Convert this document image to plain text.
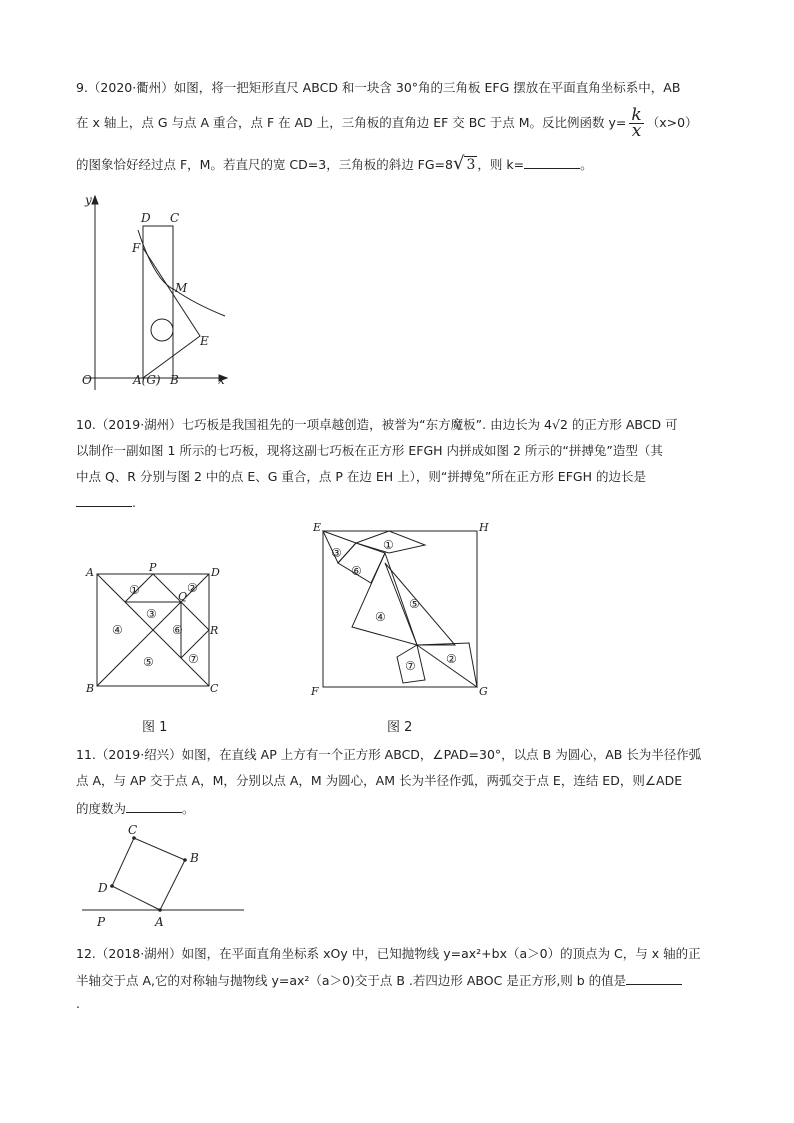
9.（2020·衢州）如图，将一把矩形直尺 ABCD 和一块含 30°角的三角板 EFG 摆放在平面直角坐标系中，AB
在 x 轴上，点 G 与点 A 重合，点 F 在 AD 上，三角板的直角边 EF 交 BC 于点 M。反比例函数 $y= \frac{k}{x} (x>0)$
的图象恰好经过点 F，M。若直尺的宽 CD=3，三角板的斜边 FG=8√ 3 ，则 k=	。
y
D C
F
M
E
O	A(G) B	x
10.（2019·湖州）七巧板是我国祖先的一项卓越创造，被誉为“东方魔板”. 由边长为 4√2 的正方形 ABCD 可
以制作一副如图 1 所示的七巧板，现将这副七巧板在正方形 EFGH 内拼成如图 2 所示的“拼搏兔”造型（其
中点 Q、R 分别与图 2 中的点 E、G 重合，点 P 在边 EH 上），则“拼搏兔”所在正方形 EFGH 的边长是
.
A	P	D
Q
R
B	C
①	②
③
④
⑤
⑥
⑦
E	H
F	G
③
①
⑥
④
⑤
⑦	②
图 1	图 2
11.（2019·绍兴）如图，在直线 AP 上方有一个正方形 ABCD，∠PAD=30°，以点 B 为圆心，AB 长为半径作弧
点 A，与 AP 交于点 A，M，分别以点 A，M 为圆心，AM 长为半径作弧，两弧交于点 E，连结 ED，则∠ADE
的度数为	。
C
B
D
P	A
12.（2018·湖州）如图，在平面直角坐标系 xOy 中，已知抛物线 y=ax²+bx（a＞0）的顶点为 C，与 x 轴的正
半轴交于点 A,它的对称轴与抛物线 y=ax²（a＞0)交于点 B .若四边形 ABOC 是正方形,则 b 的值是
.
